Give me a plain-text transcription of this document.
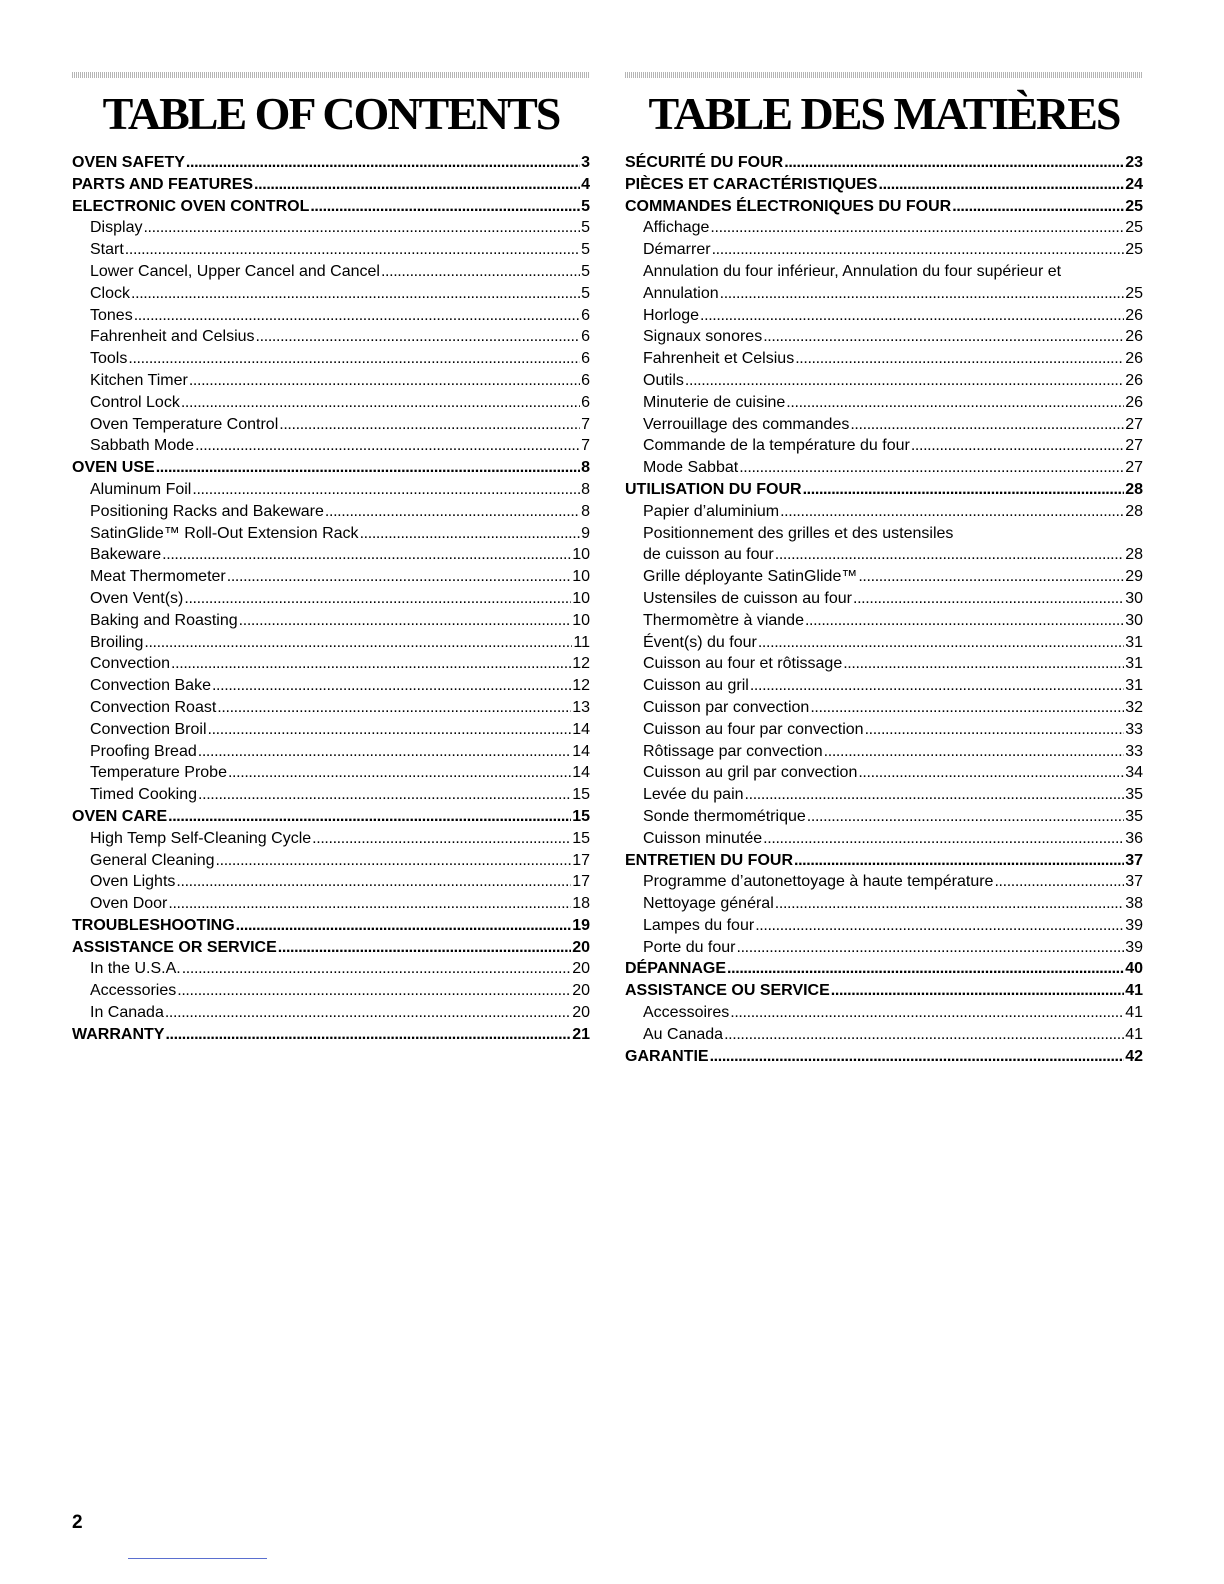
TABLE OF CONTENTS
OVEN SAFETY . . .	3
PARTS AND FEATURES . . .	4
ELECTRONIC OVEN CONTROL . . .	5
Display . . .	5
Start . . .	5
Lower Cancel, Upper Cancel and Cancel . . .	5
Clock . . .	5
Tones . . .	6
Fahrenheit and Celsius . . .	6
Tools . . .	6
Kitchen Timer . . .	6
Control Lock . . .	6
Oven Temperature Control . . .	7
Sabbath Mode . . .	7
OVEN USE . . .	8
Aluminum Foil . . .	8
Positioning Racks and Bakeware . . .	8
SatinGlide™ Roll-Out Extension Rack . . .	9
Bakeware . . .	10
Meat Thermometer . . .	10
Oven Vent(s) . . .	10
Baking and Roasting . . .	10
Broiling . . .	11
Convection . . .	12
Convection Bake . . .	12
Convection Roast . . .	13
Convection Broil . . .	14
Proofing Bread . . .	14
Temperature Probe . . .	14
Timed Cooking . . .	15
OVEN CARE . . .	15
High Temp Self-Cleaning Cycle . . .	15
General Cleaning . . .	17
Oven Lights . . .	17
Oven Door . . .	18
TROUBLESHOOTING . . .	19
ASSISTANCE OR SERVICE . . .	20
In the U.S.A. . . .	20
Accessories . . .	20
In Canada . . .	20
WARRANTY . . .	21
TABLE DES MATIÈRES
SÉCURITÉ DU FOUR . . .	23
PIÈCES ET CARACTÉRISTIQUES . . .	24
COMMANDES ÉLECTRONIQUES DU FOUR . . .	25
Affichage . . .	25
Démarrer . . .	25
Annulation du four inférieur, Annulation du four supérieur et
Annulation . . .	25
Horloge . . .	26
Signaux sonores . . .	26
Fahrenheit et Celsius . . .	26
Outils . . .	26
Minuterie de cuisine . . .	26
Verrouillage des commandes . . .	27
Commande de la température du four . . .	27
Mode Sabbat . . .	27
UTILISATION DU FOUR . . .	28
Papier d’aluminium . . .	28
Positionnement des grilles et des ustensiles
de cuisson au four . . .	28
Grille déployante SatinGlide™ . . .	29
Ustensiles de cuisson au four . . .	30
Thermomètre à viande . . .	30
Évent(s) du four . . .	31
Cuisson au four et rôtissage . . .	31
Cuisson au gril . . .	31
Cuisson par convection . . .	32
Cuisson au four par convection . . .	33
Rôtissage par convection . . .	33
Cuisson au gril par convection . . .	34
Levée du pain . . .	35
Sonde thermométrique . . .	35
Cuisson minutée . . .	36
ENTRETIEN DU FOUR . . .	37
Programme d’autonettoyage à haute température . . .	37
Nettoyage général . . .	38
Lampes du four . . .	39
Porte du four . . .	39
DÉPANNAGE . . .	40
ASSISTANCE OU SERVICE . . .	41
Accessoires . . .	41
Au Canada . . .	41
GARANTIE . . .	42
2
